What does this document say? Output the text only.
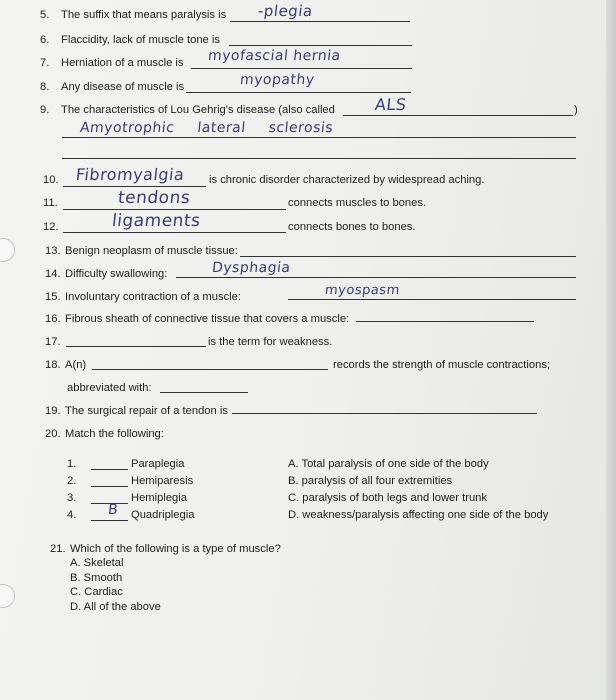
5. The suffix that means paralysis is -plegia
6. Flaccidity, lack of muscle tone is
7. Herniation of a muscle is myofascial hernia
8. Any disease of muscle is	myopathy
9. The characteristics of Lou Gehrig's disease (also called	)
ALS
Amyotrophic lateral sclerosis
10. Fibromyalgia is chronic disorder characterized by widespread aching.
11.	tendons	connects muscles to bones.
12.	ligaments	connects bones to bones.
13. Benign neoplasm of muscle tissue:
14. Difficulty swallowing:	Dysphagia
15. Involuntary contraction of a muscle:	myospasm
16. Fibrous sheath of connective tissue that covers a muscle:
17.	is the term for weakness.
18. A(n)	records the strength of muscle contractions;
abbreviated with:
19. The surgical repair of a tendon is
20. Match the following:
1.	Paraplegia
2.	Hemiparesis
3.	Hemiplegia
4. B Quadriplegia
A. Total paralysis of one side of the body
B. paralysis of all four extremities
C. paralysis of both legs and lower trunk
D. weakness/paralysis affecting one side of the body
21. Which of the following is a type of muscle?
A. Skeletal
B. Smooth
C. Cardiac
D. All of the above
